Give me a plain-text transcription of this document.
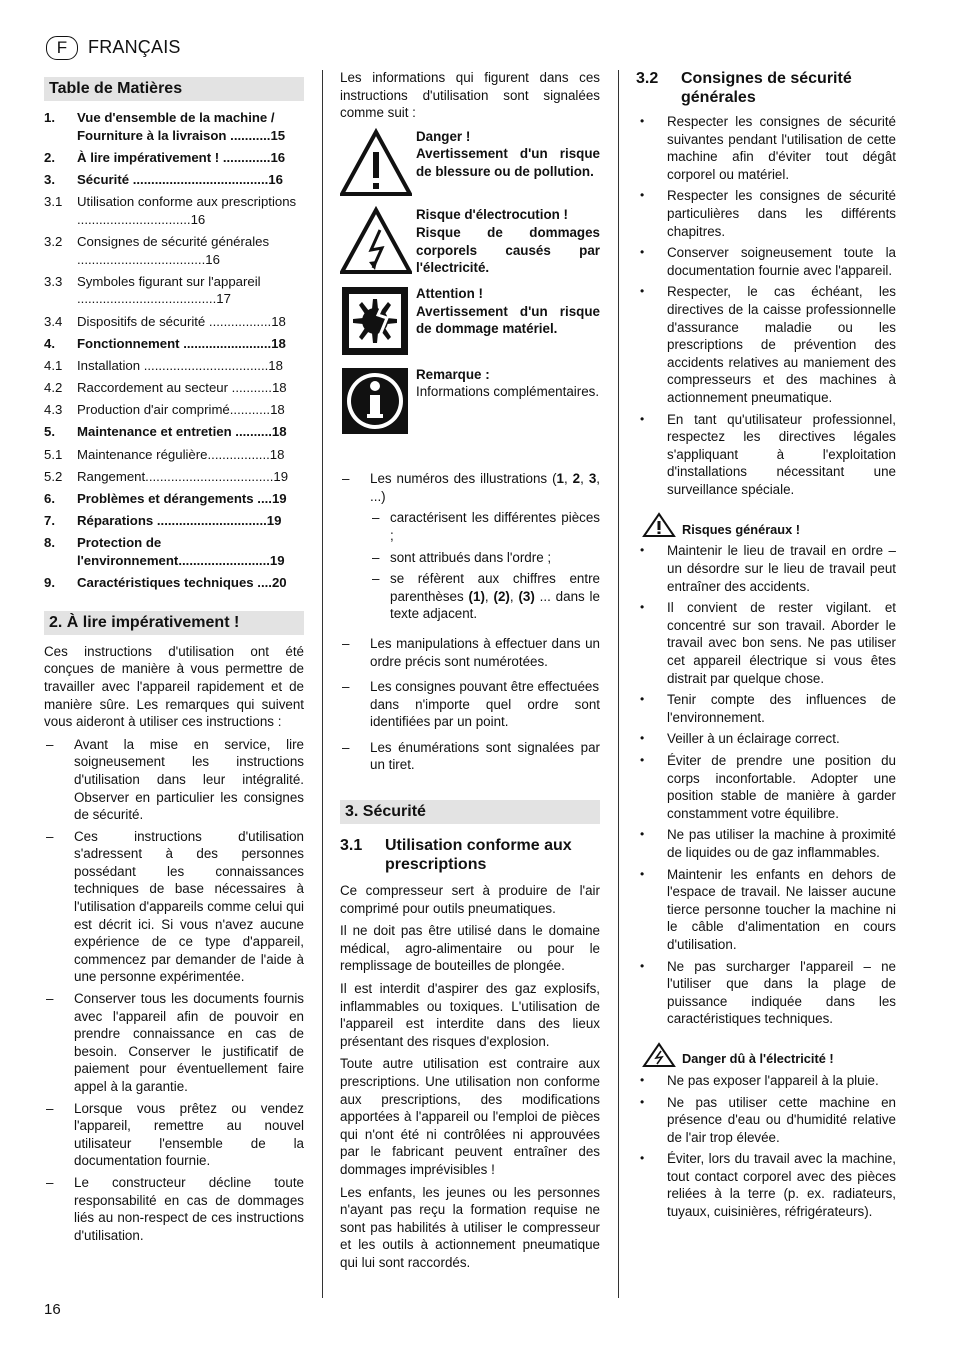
F	FRANÇAIS
Table de Matières
1.	Vue d'ensemble de la machine / Fourniture à la livraison ...........15
2.	À lire impérativement ! .............16
3.	Sécurité .....................................16
3.1	Utilisation conforme aux prescriptions ...............................16
3.2	Consignes de sécurité générales ...................................16
3.3	Symboles figurant sur l'appareil ......................................17
3.4	Dispositifs de sécurité .................18
4.	Fonctionnement ........................18
4.1	Installation ..................................18
4.2	Raccordement au secteur ...........18
4.3	Production d'air comprimé...........18
5.	Maintenance et entretien ..........18
5.1	Maintenance régulière.................18
5.2	Rangement...................................19
6.	Problèmes et dérangements ....19
7.	Réparations ..............................19
8.	Protection de l'environnement.........................19
9.	Caractéristiques techniques ....20
2. À lire impérativement !
Ces instructions d'utilisation ont été conçues de manière à vous permettre de travailler avec l'appareil rapidement et de manière sûre. Les remarques qui suivent vous aideront à utiliser ces instructions :
–	Avant la mise en service, lire soigneusement les instructions d'utilisation dans leur intégralité. Observer en particulier les consignes de sécurité.
–	Ces instructions d'utilisation s'adressent à des personnes possédant les connaissances techniques de base nécessaires à l'utilisation d'appareils comme celui qui est décrit ici. Si vous n'avez aucune expérience de ce type d'appareil, commencez par demander de l'aide à une personne expérimentée.
–	Conserver tous les documents fournis avec l'appareil afin de pouvoir en prendre connaissance en cas de besoin. Conserver le justificatif de paiement pour éventuellement faire appel à la garantie.
–	Lorsque vous prêtez ou vendez l'appareil, remettre au nouvel utilisateur l'ensemble de la documentation fournie.
–	Le constructeur décline toute responsabilité en cas de dommages liés au non-respect de ces instructions d'utilisation.
Les informations qui figurent dans ces instructions d'utilisation sont signalées comme suit :
Danger !
Avertissement d'un risque de blessure ou de pollution.
Risque d'électrocution !
Risque de dommages corporels causés par l'électricité.
Attention !
Avertissement d'un risque de dommage matériel.
Remarque :
Informations complémentaires.
–	Les numéros des illustrations (1, 2, 3, ...)
– caractérisent les différentes pièces ;
– sont attribués dans l'ordre ;
– se réfèrent aux chiffres entre parenthèses (1), (2), (3) ... dans le texte adjacent.
–	Les manipulations à effectuer dans un ordre précis sont numérotées.
–	Les consignes pouvant être effectuées
dans n'importe quel ordre sont identifiées par un point.
–	Les énumérations sont signalées par un tiret.
3. Sécurité
3.1	Utilisation conforme aux prescriptions
Ce compresseur sert à produire de l'air comprimé pour outils pneumatiques.
Il ne doit pas être utilisé dans le domaine médical, agro-alimentaire ou pour le remplissage de bouteilles de plongée.
Il est interdit d'aspirer des gaz explosifs, inflammables ou toxiques. L'utilisation de l'appareil est interdite dans des lieux présentant des risques d'explosion.
Toute autre utilisation est contraire aux prescriptions. Une utilisation non conforme aux prescriptions, des modifications apportées à l'appareil ou l'emploi de pièces qui n'ont été ni contrôlées ni approuvées par le fabricant peuvent entraîner des dommages imprévisibles !
Les enfants, les jeunes ou les personnes n'ayant pas reçu la formation requise ne sont pas habilités à utiliser le compresseur et les outils à actionnement pneumatique qui lui sont raccordés.
3.2	Consignes de sécurité générales
•	Respecter les consignes de sécurité suivantes pendant l'utilisation de cette machine afin d'éviter tout dégât corporel ou matériel.
•	Respecter les consignes de sécurité particulières dans les différents chapitres.
•	Conserver soigneusement toute la documentation fournie avec l'appareil.
•	Respecter, le cas échéant, les directives de la caisse professionnelle d'assurance maladie ou les prescriptions de prévention des accidents relatives au maniement des compresseurs et des machines à actionnement pneumatique.
•	En tant qu'utilisateur professionnel, respectez les directives légales s'appliquant à l'exploitation d'installations nécessitant une surveillance spéciale.
Risques généraux !
•	Maintenir le lieu de travail en ordre – un désordre sur le lieu de travail peut entraîner des accidents.
•	Il convient de rester vigilant. et concentré sur son travail. Aborder le travail avec bon sens. Ne pas utiliser cet appareil électrique si vous êtes distrait par quelque chose.
•	Tenir compte des influences de l'environnement.
•	Veiller à un éclairage correct.
•	Éviter de prendre une position du corps inconfortable. Adopter une position stable de manière à garder constamment votre équilibre.
•	Ne pas utiliser la machine à proximité de liquides ou de gaz inflammables.
•	Maintenir les enfants en dehors de l'espace de travail. Ne laisser aucune tierce personne toucher la machine ni le câble d'alimentation en cours d'utilisation.
•	Ne pas surcharger l'appareil – ne l'utiliser que dans la plage de puissance indiquée dans les caractéristiques techniques.
Danger dû à l'électricité !
•	Ne pas exposer l'appareil à la pluie.
•	Ne pas utiliser cette machine en présence d'eau ou d'humidité relative de l'air trop élevée.
•	Éviter, lors du travail avec la machine, tout contact corporel avec des pièces reliées à la terre (p. ex. radiateurs, tuyaux, cuisinières, réfrigérateurs).
16
